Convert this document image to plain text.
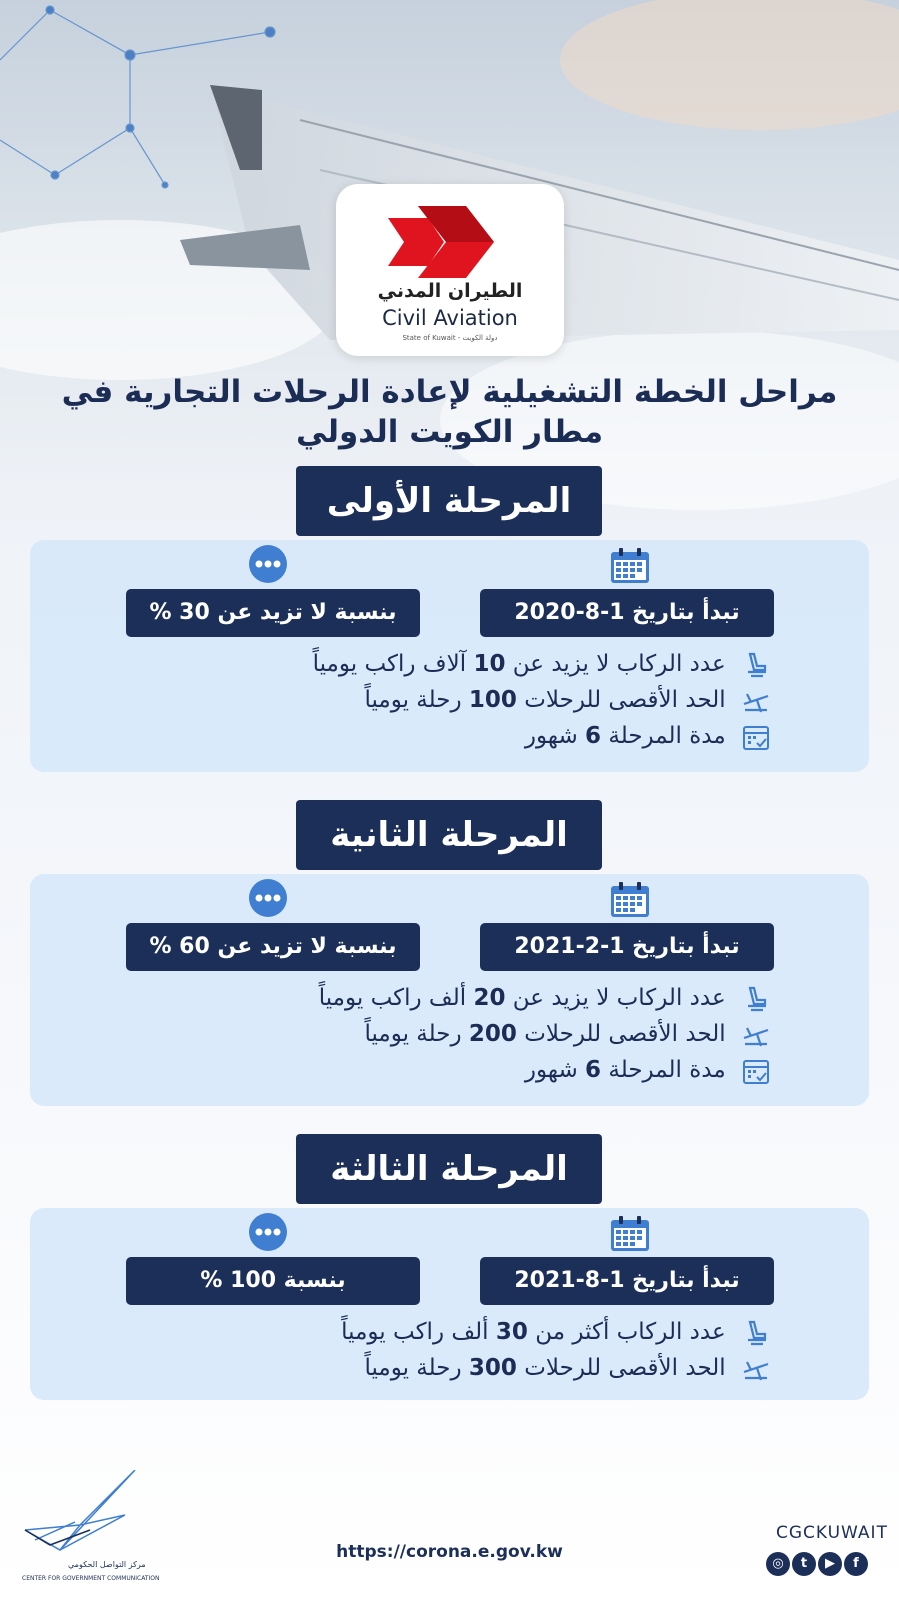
الطيران المدني
Civil Aviation
State of Kuwait - دولة الكويت
مراحل الخطة التشغيلية لإعادة الرحلات التجارية في مطار الكويت الدولي
المرحلة الأولى
تبدأ بتاريخ 1-8-2020
بنسبة لا تزيد عن 30 %
عدد الركاب لا يزيد عن 10 آلاف راكب يومياً
الحد الأقصى للرحلات 100 رحلة يومياً
مدة المرحلة 6 شهور
المرحلة الثانية
تبدأ بتاريخ 1-2-2021
بنسبة لا تزيد عن 60 %
عدد الركاب لا يزيد عن 20 ألف راكب يومياً
الحد الأقصى للرحلات 200 رحلة يومياً
مدة المرحلة 6 شهور
المرحلة الثالثة
تبدأ بتاريخ 1-8-2021
بنسبة 100 %
عدد الركاب أكثر من 30 ألف راكب يومياً
الحد الأقصى للرحلات 300 رحلة يومياً
مركز التواصل الحكومي
CENTER FOR GOVERNMENT COMMUNICATION
https://corona.e.gov.kw
CGCKUWAIT
◎ t ▶ f
